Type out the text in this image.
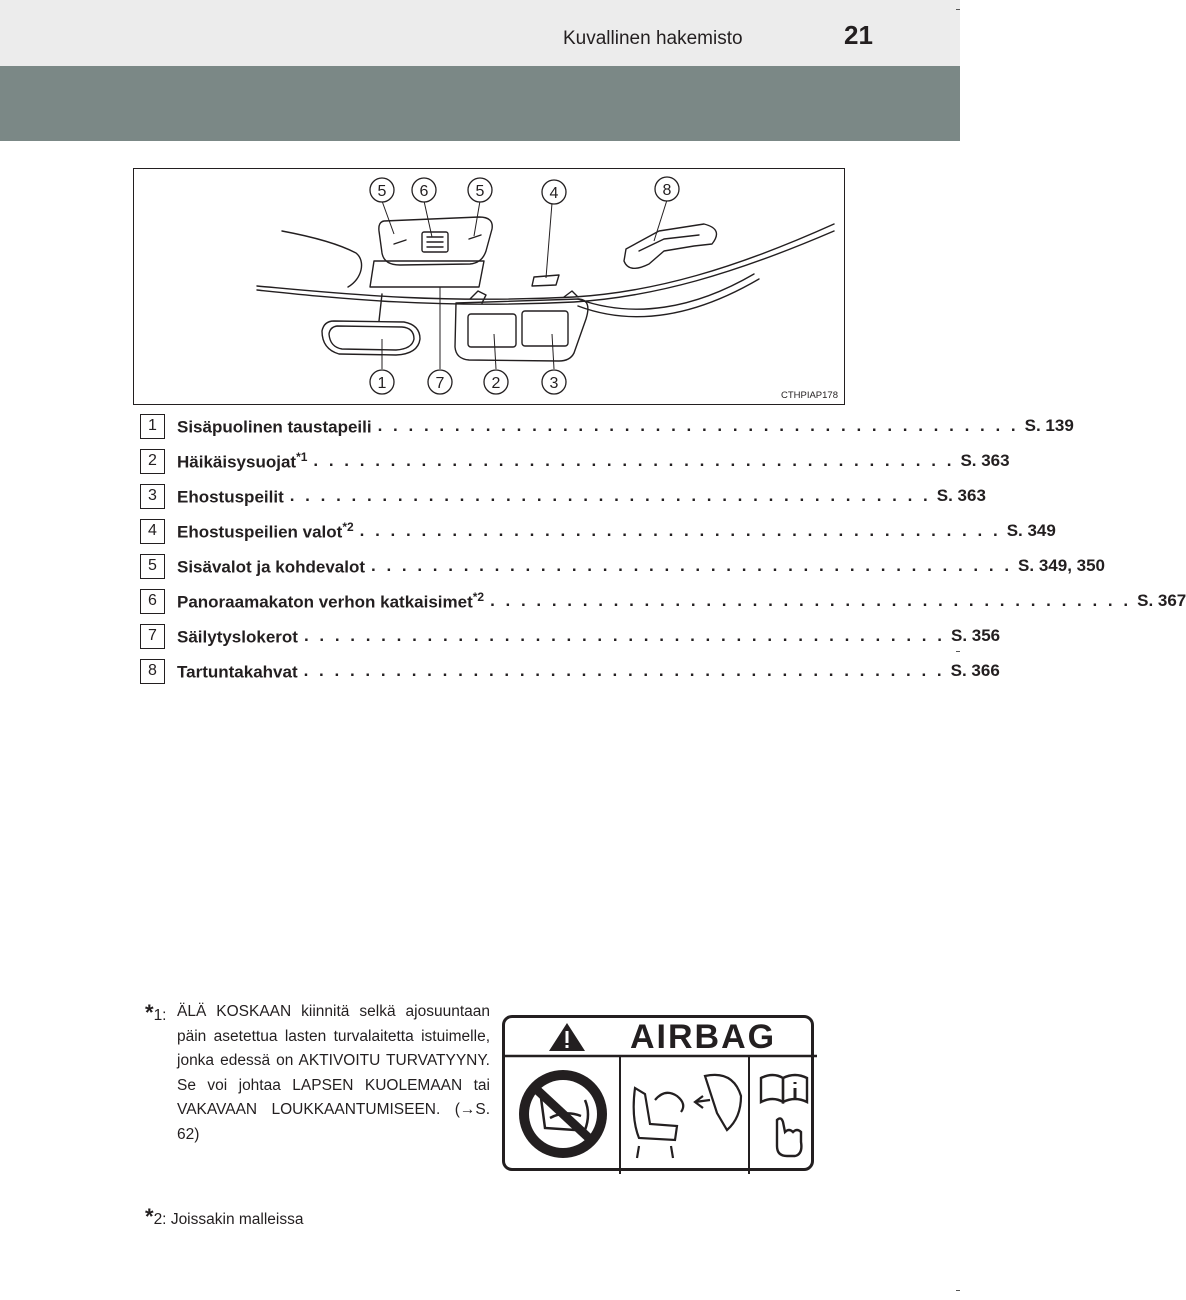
Kuvallinen hakemisto	21
5 6	5	4	8
1	7	2	3
CTHPIAP178
1	Sisäpuolinen taustapeili . . . . . . . . . . . . . . . . . . . . . . . . . . . . . . . . . . . . . . . . . . S. 139
2	Häikäisysuojat$^{*1}$ . . . . . . . . . . . . . . . . . . . . . . . . . . . . . . . . . . . . . . . . . . S. 363
3	Ehostuspeilit . . . . . . . . . . . . . . . . . . . . . . . . . . . . . . . . . . . . . . . . . . S. 363
4	Ehostuspeilien valot$^{*2}$ . . . . . . . . . . . . . . . . . . . . . . . . . . . . . . . . . . . . . . . . . . S. 349
5	Sisävalot ja kohdevalot . . . . . . . . . . . . . . . . . . . . . . . . . . . . . . . . . . . . . . . . . . S. 349, 350
6	Panoraamakaton verhon katkaisimet$^{*2}$ . . . . . . . . . . . . . . . . . . . . . . . . . . . . . . . . . . . . . . . . . . S. 367
7	Säilytyslokerot . . . . . . . . . . . . . . . . . . . . . . . . . . . . . . . . . . . . . . . . . . S. 356
8	Tartuntakahvat . . . . . . . . . . . . . . . . . . . . . . . . . . . . . . . . . . . . . . . . . . S. 366
*1: ÄLÄ KOSKAAN kiinnitä selkä ajosuuntaan päin asetettua lasten turvalaitetta istuimelle, jonka edessä on AKTIVOITU TURVATYYNY. Se voi johtaa LAPSEN KUOLEMAAN tai VAKAVAAN LOUKKAANTUMISEEN. (→S. 62)
AIRBAG
*2: Joissakin malleissa
